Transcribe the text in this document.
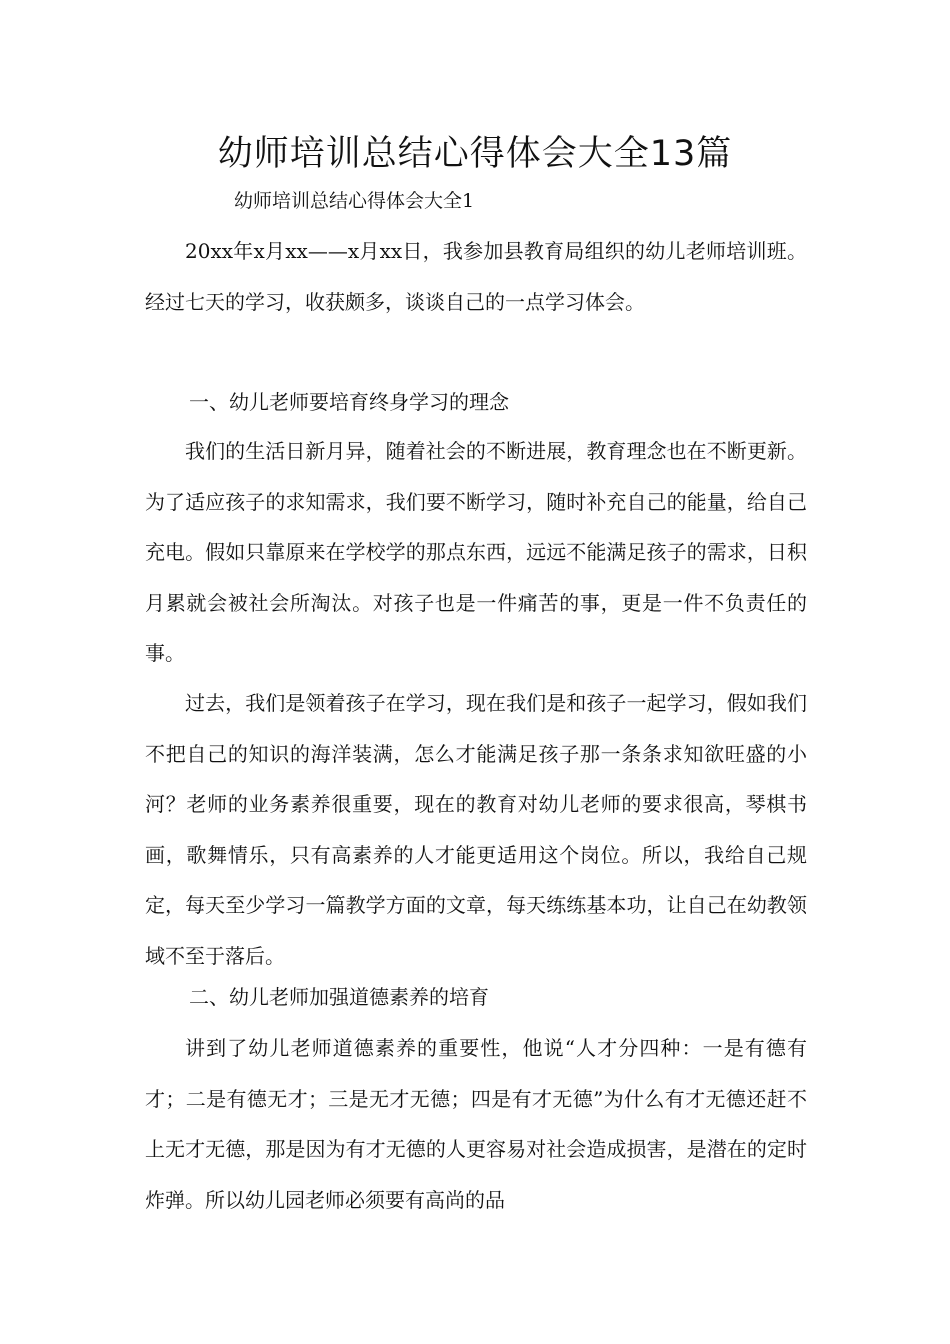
幼师培训总结心得体会大全13篇

幼师培训总结心得体会大全1

20xx年x月xx——x月xx日，我参加县教育局组织的幼儿老师培训班。经过七天的学习，收获颇多，谈谈自己的一点学习体会。

一、幼儿老师要培育终身学习的理念

我们的生活日新月异，随着社会的不断进展，教育理念也在不断更新。为了适应孩子的求知需求，我们要不断学习，随时补充自己的能量，给自己充电。假如只靠原来在学校学的那点东西，远远不能满足孩子的需求，日积月累就会被社会所淘汰。对孩子也是一件痛苦的事，更是一件不负责任的事。

过去，我们是领着孩子在学习，现在我们是和孩子一起学习，假如我们不把自己的知识的海洋装满，怎么才能满足孩子那一条条求知欲旺盛的小河？老师的业务素养很重要，现在的教育对幼儿老师的要求很高，琴棋书画，歌舞情乐，只有高素养的人才能更适用这个岗位。所以，我给自己规定，每天至少学习一篇教学方面的文章，每天练练基本功，让自己在幼教领域不至于落后。

二、幼儿老师加强道德素养的培育

讲到了幼儿老师道德素养的重要性，他说“人才分四种：一是有德有才；二是有德无才；三是无才无德；四是有才无德”为什么有才无德还赶不上无才无德，那是因为有才无德的人更容易对社会造成损害，是潜在的定时炸弹。所以幼儿园老师必须要有高尚的品
